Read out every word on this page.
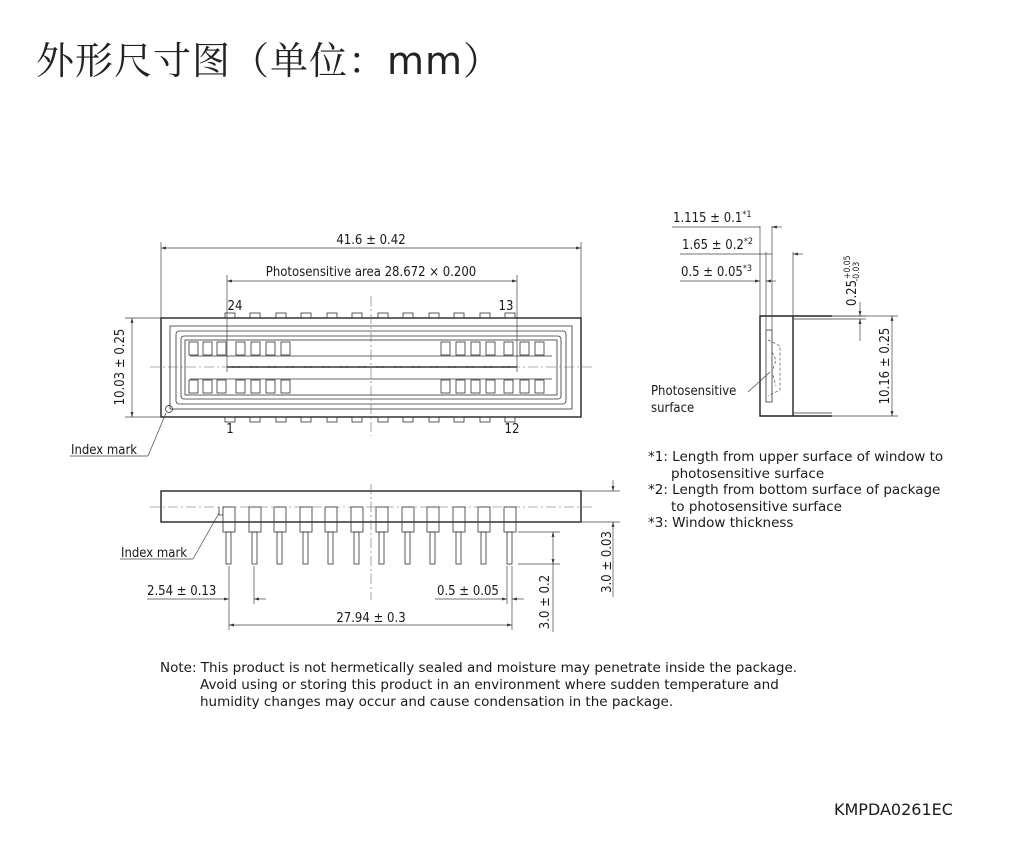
外形尺寸图（单位：mm）
41.6 ± 0.42
Photosensitive area 28.672 × 0.200
24	13
1	12
10.03 ± 0.25
Index mark
Index mark
2.54 ± 0.13	0.5 ± 0.05
27.94 ± 0.3	3.0 ± 0.2
3.0 ± 0.03
$1.115 \pm 0.1^{*1}$
$1.65 \pm 0.2^{*2}$
$0.5 \pm 0.05^{*3}$
$0.25^{+0.05}-0.03$
10.16 ± 0.25
Photosensitive
surface
*1: Length from upper surface of window to
photosensitive surface
*2: Length from bottom surface of package
to photosensitive surface
*3: Window thickness
Note: This product is not hermetically sealed and moisture may penetrate inside the package.
Avoid using or storing this product in an environment where sudden temperature and
humidity changes may occur and cause condensation in the package.
KMPDA0261EC
